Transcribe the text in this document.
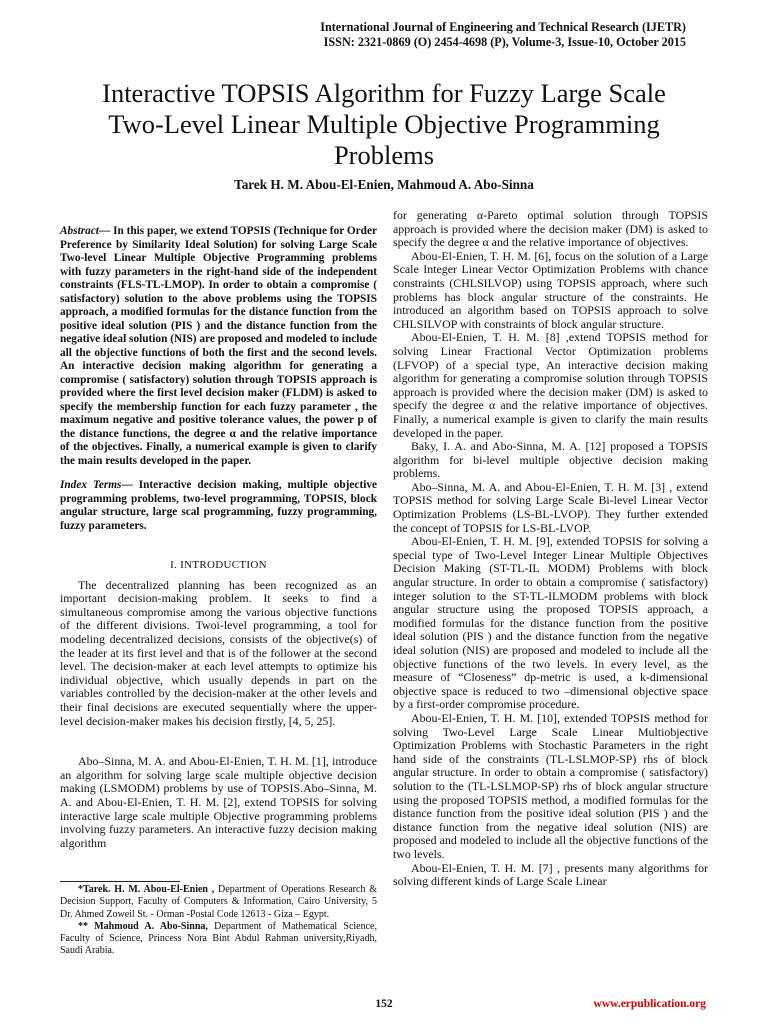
International Journal of Engineering and Technical Research (IJETR)
ISSN: 2321-0869 (O) 2454-4698 (P), Volume-3, Issue-10, October 2015
Interactive TOPSIS Algorithm for Fuzzy Large Scale
Two-Level Linear Multiple Objective Programming
Problems
Tarek H. M. Abou-El-Enien, Mahmoud A. Abo-Sinna
Abstract— In this paper, we extend TOPSIS (Technique for Order Preference by Similarity Ideal Solution) for solving Large Scale Two-level Linear Multiple Objective Programming problems with fuzzy parameters in the right-hand side of the independent constraints (FLS-TL-LMOP). In order to obtain a compromise ( satisfactory) solution to the above problems using the TOPSIS approach, a modified formulas for the distance function from the positive ideal solution (PIS ) and the distance function from the negative ideal solution (NIS) are proposed and modeled to include all the objective functions of both the first and the second levels. An interactive decision making algorithm for generating a compromise ( satisfactory) solution through TOPSIS approach is provided where the first level decision maker (FLDM) is asked to specify the membership function for each fuzzy parameter , the maximum negative and positive tolerance values, the power p of the distance functions, the degree α and the relative importance of the objectives. Finally, a numerical example is given to clarify the main results developed in the paper.
Index Terms— Interactive decision making, multiple objective programming problems, two-level programming, TOPSIS, block angular structure, large scal programming, fuzzy programming, fuzzy parameters.
I. INTRODUCTION

The decentralized planning has been recognized as an important decision-making problem. It seeks to find a simultaneous compromise among the various objective functions of the different divisions. Twoi-level programming, a tool for modeling decentralized decisions, consists of the objective(s) of the leader at its first level and that is of the follower at the second level. The decision-maker at each level attempts to optimize his individual objective, which usually depends in part on the variables controlled by the decision-maker at the other levels and their final decisions are executed sequentially where the upper-level decision-maker makes his decision firstly, [4, 5, 25].

Abo–Sinna, M. A. and Abou-El-Enien, T. H. M. [1], introduce an algorithm for solving large scale multiple objective decision making (LSMODM) problems by use of TOPSIS.Abo–Sinna, M. A. and Abou-El-Enien, T. H. M. [2], extend TOPSIS for solving interactive large scale multiple Objective programming problems involving fuzzy parameters. An interactive fuzzy decision making algorithm

*Tarek. H. M. Abou-El-Enien , Department of Operations Research & Decision Support, Faculty of Computers & Information, Cairo University, 5 Dr. Ahmed Zoweil St. - Orman -Postal Code 12613 - Giza – Egypt.
** Mahmoud A. Abo-Sinna, Department of Mathematical Science, Faculty of Science, Princess Nora Bint Abdul Rahman university,Riyadh, Saudi Arabia.

for generating α-Pareto optimal solution through TOPSIS approach is provided where the decision maker (DM) is asked to specify the degree α and the relative importance of objectives.

Abou-El-Enien, T. H. M. [6], focus on the solution of a Large Scale Integer Linear Vector Optimization Problems with chance constraints (CHLSILVOP) using TOPSIS approach, where such problems has block angular structure of the constraints. He introduced an algorithm based on TOPSIS approach to solve CHLSILVOP with constraints of block angular structure.

Abou-El-Enien, T. H. M. [8] ,extend TOPSIS method for solving Linear Fractional Vector Optimization problems (LFVOP) of a special type, An interactive decision making algorithm for generating a compromise solution through TOPSIS approach is provided where the decision maker (DM) is asked to specify the degree α and the relative importance of objectives. Finally, a numerical example is given to clarify the main results developed in the paper.

Baky, I. A. and Abo-Sinna, M. A. [12] proposed a TOPSIS algorithm for bi-level multiple objective decision making problems.

Abo–Sinna, M. A. and Abou-El-Enien, T. H. M. [3] , extend TOPSIS method for solving Large Scale Bi-level Linear Vector Optimization Problems (LS-BL-LVOP). They further extended the concept of TOPSIS for LS-BL-LVOP.

Abou-El-Enien, T. H. M. [9], extended TOPSIS for solving a special type of Two-Level Integer Linear Multiple Objectives Decision Making (ST-TL-IL MODM) Problems with block angular structure. In order to obtain a compromise ( satisfactory) integer solution to the ST-TL-ILMODM problems with block angular structure using the proposed TOPSIS approach, a modified formulas for the distance function from the positive ideal solution (PIS ) and the distance function from the negative ideal solution (NIS) are proposed and modeled to include all the objective functions of the two levels. In every level, as the measure of “Closeness” dp-metric is used, a k-dimensional objective space is reduced to two –dimensional objective space by a first-order compromise procedure.

Abou-El-Enien, T. H. M. [10], extended TOPSIS method for solving Two-Level Large Scale Linear Multiobjective Optimization Problems with Stochastic Parameters in the right hand side of the constraints (TL-LSLMOP-SP) rhs of block angular structure. In order to obtain a compromise ( satisfactory) solution to the (TL-LSLMOP-SP) rhs of block angular structure using the proposed TOPSIS method, a modified formulas for the distance function from the positive ideal solution (PIS ) and the distance function from the negative ideal solution (NIS) are proposed and modeled to include all the objective functions of the two levels.

Abou-El-Enien, T. H. M. [7] , presents many algorithms for solving different kinds of Large Scale Linear

152	www.erpublication.org
